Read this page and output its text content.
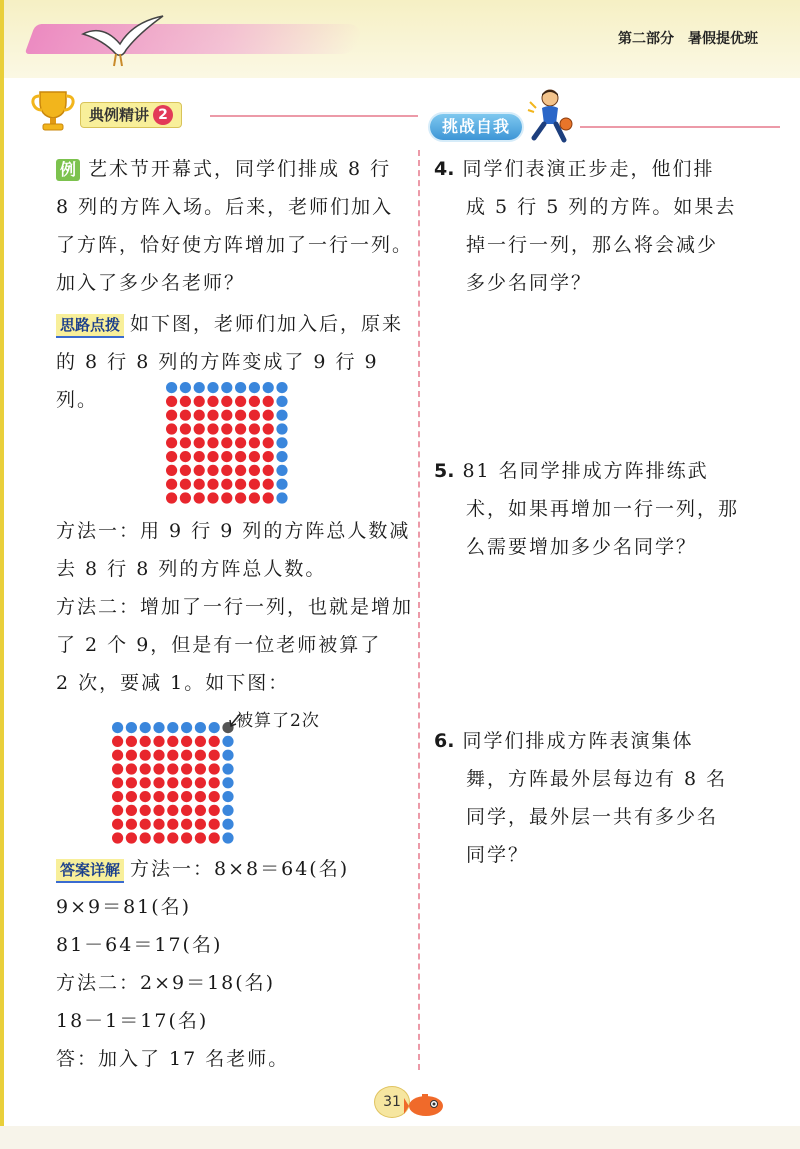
第二部分 暑假提优班
典例精讲 2
挑战自我
例 艺术节开幕式，同学们排成 8 行
8 列的方阵入场。后来，老师们加入
了方阵，恰好使方阵增加了一行一列。
加入了多少名老师？
思路点拨 如下图，老师们加入后，原来
的 8 行 8 列的方阵变成了 9 行 9 列。
方法一：用 9 行 9 列的方阵总人数减
去 8 行 8 列的方阵总人数。
方法二：增加了一行一列，也就是增加
了 2 个 9，但是有一位老师被算了
2 次，要减 1。如下图：
被算了2次
答案详解 方法一：8×8＝64(名)
9×9＝81(名)
81－64＝17(名)
方法二：2×9＝18(名)
18－1＝17(名)
答：加入了 17 名老师。
4. 同学们表演正步走，他们排
成 5 行 5 列的方阵。如果去
掉一行一列，那么将会减少
多少名同学？
5. 81 名同学排成方阵排练武
术，如果再增加一行一列，那
么需要增加多少名同学？
6. 同学们排成方阵表演集体
舞，方阵最外层每边有 8 名
同学，最外层一共有多少名
同学？
31
